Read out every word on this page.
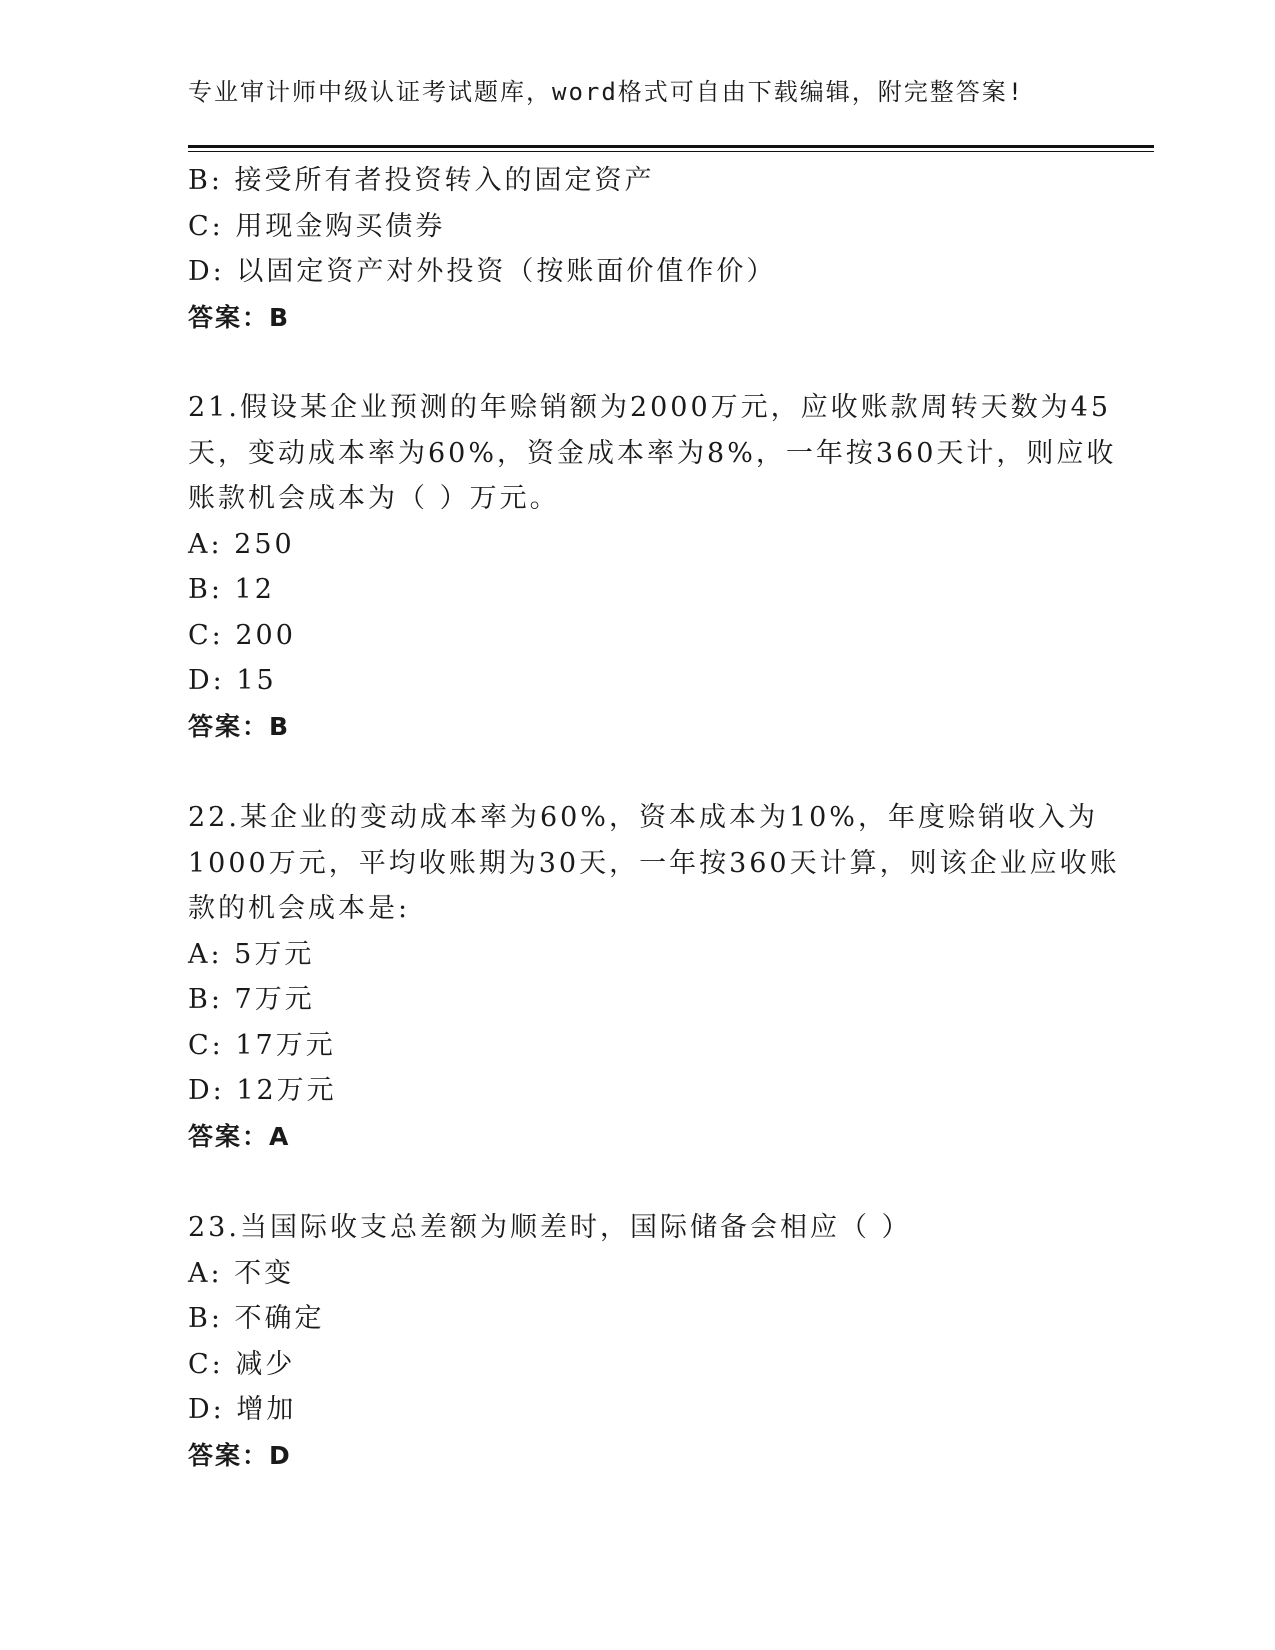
专业审计师中级认证考试题库，word格式可自由下载编辑，附完整答案!
B: 接受所有者投资转入的固定资产
C: 用现金购买债券
D: 以固定资产对外投资（按账面价值作价）
答案：B
21.假设某企业预测的年赊销额为2000万元，应收账款周转天数为45
天，变动成本率为60%，资金成本率为8%，一年按360天计，则应收
账款机会成本为（ ）万元。
A: 250
B: 12
C: 200
D: 15
答案：B
22.某企业的变动成本率为60%，资本成本为10%，年度赊销收入为
1000万元，平均收账期为30天，一年按360天计算，则该企业应收账
款的机会成本是:
A: 5万元
B: 7万元
C: 17万元
D: 12万元
答案：A
23.当国际收支总差额为顺差时，国际储备会相应（ ）
A: 不变
B: 不确定
C: 减少
D: 增加
答案：D
